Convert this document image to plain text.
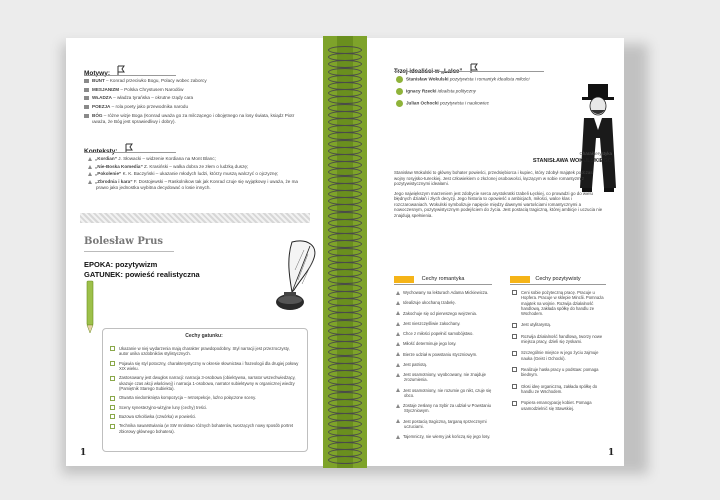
Motywy:
BUNT – Konrad przeciwko Bogu, Polacy wobec zaborcy
MESJANIZM – Polska Chrystusem Narodów
WŁADZA – władza tyrańska – okrutne rządy cara
POEZJA – rola poety jako przewodnika narodu
BÓG – różne wizje Boga (Konrad uważa go za milczącego i obojętnego na losy świata, ksiądz Piotr uważa, że Bóg jest sprawiedliwy i dobry).
Konteksty:
„Kordian” J. Słowacki – widzenie Kordiana na Mont Blanc;
„Nie-Boska Komedia” Z. Krasiński – walka dobra ze złem o ludzką duszę;
„Pokolenie” K. K. Baczyński – ukazanie młodych ludzi, którzy muszą walczyć o ojczyznę;
„Zbrodnia i kara” F. Dostojewski – Raskolnikow tak jak Konrad czuje się wyjątkowy i uważa, że ma prawo jako jednostka wybitna decydować o losie innych.
Bolesław Prus
EPOKA: pozytywizm
GATUNEK: powieść realistyczna
Cechy gatunku:
Ukazanie w niej wydarzenia mają charakter prawdopodobny. Styl narracji jest przezroczysty, autor unika ozdobników stylistycznych.
Pojawia się styl potoczny, charakterystyczny w okresie słownictwa i frazeologii dla drugiej połowy XIX wieku.
Zastosowany jest dwugłos narracji: narracja 3-osobowa (obiektywna, narrator wszechwiedzący, ukazuje czas akcji właściwej) i narracja 1-osobowa, narrator subiektywny w organicznej wiedzy (Pamiętnik Starego Subiekta).
Otwarta niedomknięta kompozycja – retrospekcje, luźno połączone sceny.
Sceny synestezyjno-wizyjne luny (cechy) treści.
Bazowa szkolówka (czwórka) w powieści.
Technika nawarstwiania (w SW mnóstwo różnych bohaterów, tworzących nowy sposób portret zbiorowy głównego bohatera).
1
Trzej idealiści w „Lalce”
Stanisław Wokulski pozytywista i romantyk idealista miłości
Ignacy Rzecki idealista polityczny
Julian Ochocki pozytywista i naukowiec
Charakterystyka
STANISŁAWA WOKULSKIEGO

Stanisław Wokulski to główny bohater powieści, przedsiębiorca i kupiec, który zdobył majątek podczas wojny rosyjsko-tureckiej. Jest człowiekiem o złożonej osobowości, łączącym w sobie romantyzm z pozytywistycznymi ideałami.

Jego największym marzeniem jest zdobycie serca arystokratki Izabeli Łęckiej, co prowadzi go do wielu błędnych działań i złych decyzji. Jego historia to opowieść o ambicjach, miłości, walce klas i rozczarowaniach. Wokulski symbolizuje napięcie między dawnymi wartościami romantycznymi a nowoczesnym, pozytywistycznym podejściem do życia. Jest postacią tragiczną, której ambicje i uczucia nie znajdują spełnienia.

Cechy romantyka
Wychowany na lekturach Adama Mickiewicza.
Idealizuje ukochaną Izabelę.
Zakochuje się od pierwszego wejrzenia.
Jest nieszczęśliwie zakochany.
Chce z miłości popełnić samobójstwo.
Miłość determinuje jego losy.
Bierze udział w powstaniu styczniowym.
Jest patriotą.
Jest osamotniony, wyobcowany, nie znajduje zrozumienia.
Jest osamotniony, nie rozumie go nikt, czuje się obco.
Zostaje zesłany na Sybir za udział w Powstaniu Styczniowym.
Jest postacią tragiczną, targaną sprzecznymi uczuciami.
Tajemniczy, nie wiemy jak kończą się jego losy.
Cechy pozytywisty
Ceni sobie pożyteczną pracę. Pracuje u Hopfera. Pracuje w sklepie Minclii. Pomnaża majątek na wojnie. Rozwija działalność handlową, zakłada spółkę do handlu ze Wschodem.
Jest utylitarystą.
Rozwija działalność handlową, tworzy nowe miejsca pracy, dzieli się zyskami.
Szczególnie miejsce w jego życiu zajmuje nauka (Geist i Ochocki).
Realizuje hasła pracy u podstaw: pomaga biednym.
Głosi ideę organiczną, zakłada spółkę do handlu ze Wschodem.
Popiera emancypację kobiet. Pomaga usamodzielnić się Stawskiej.
1
